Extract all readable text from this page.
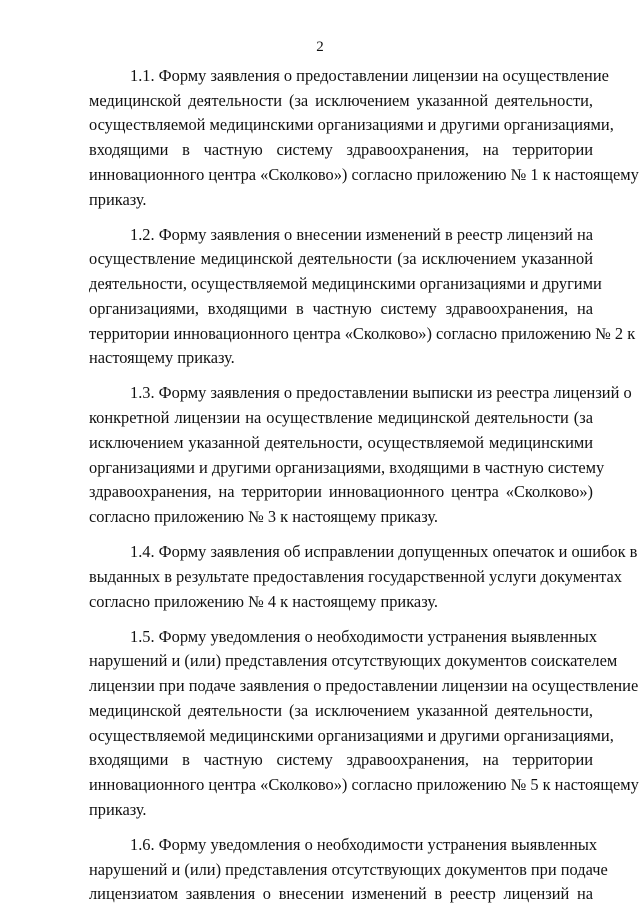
2

1.1. Форму заявления о предоставлении лицензии на осуществление
медицинской деятельности (за исключением указанной деятельности,
осуществляемой медицинскими организациями и другими организациями,
входящими в частную систему здравоохранения, на территории
инновационного центра «Сколково») согласно приложению № 1 к настоящему
приказу.

1.2. Форму заявления о внесении изменений в реестр лицензий на
осуществление медицинской деятельности (за исключением указанной
деятельности, осуществляемой медицинскими организациями и другими
организациями, входящими в частную систему здравоохранения, на
территории инновационного центра «Сколково») согласно приложению № 2 к
настоящему приказу.

1.3. Форму заявления о предоставлении выписки из реестра лицензий о
конкретной лицензии на осуществление медицинской деятельности (за
исключением указанной деятельности, осуществляемой медицинскими
организациями и другими организациями, входящими в частную систему
здравоохранения, на территории инновационного центра «Сколково»)
согласно приложению № 3 к настоящему приказу.

1.4. Форму заявления об исправлении допущенных опечаток и ошибок в
выданных в результате предоставления государственной услуги документах
согласно приложению № 4 к настоящему приказу.

1.5. Форму уведомления о необходимости устранения выявленных
нарушений и (или) представления отсутствующих документов соискателем
лицензии при подаче заявления о предоставлении лицензии на осуществление
медицинской деятельности (за исключением указанной деятельности,
осуществляемой медицинскими организациями и другими организациями,
входящими в частную систему здравоохранения, на территории
инновационного центра «Сколково») согласно приложению № 5 к настоящему
приказу.

1.6. Форму уведомления о необходимости устранения выявленных
нарушений и (или) представления отсутствующих документов при подаче
лицензиатом заявления о внесении изменений в реестр лицензий на
